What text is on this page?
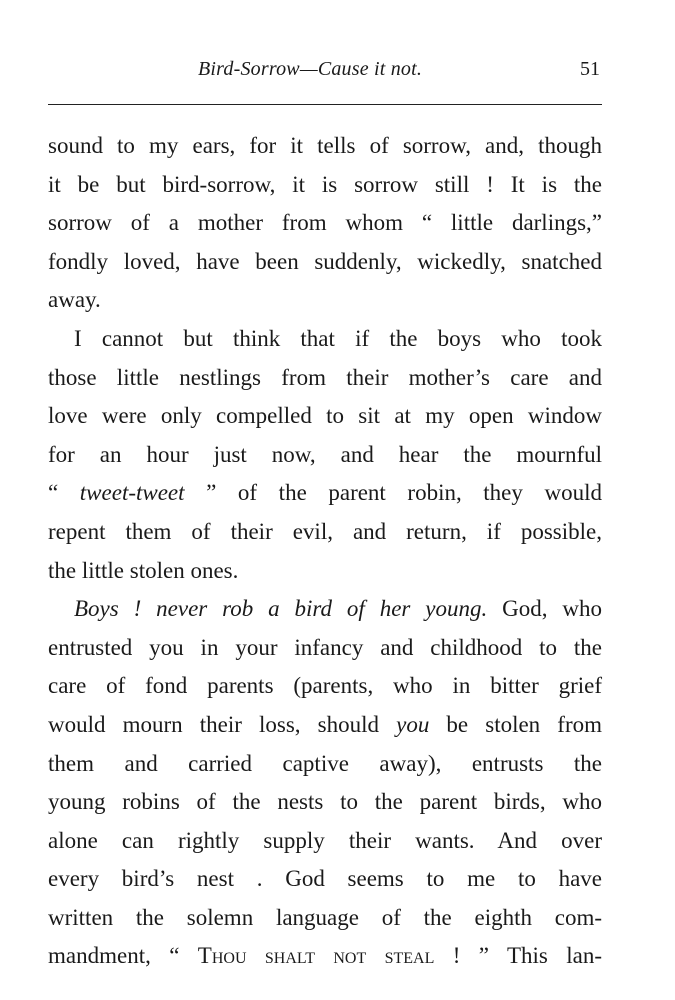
Bird-Sorrow—Cause it not.	51

sound to my ears, for it tells of sorrow, and, though
it be but bird-sorrow, it is sorrow still ! It is the
sorrow of a mother from whom “ little darlings,”
fondly loved, have been suddenly, wickedly, snatched
away.

I cannot but think that if the boys who took
those little nestlings from their mother’s care and
love were only compelled to sit at my open window
for an hour just now, and hear the mournful
“ tweet-tweet ” of the parent robin, they would
repent them of their evil, and return, if possible,
the little stolen ones.

Boys ! never rob a bird of her young. God, who
entrusted you in your infancy and childhood to the
care of fond parents (parents, who in bitter grief
would mourn their loss, should you be stolen from
them and carried captive away), entrusts the
young robins of the nests to the parent birds, who
alone can rightly supply their wants. And over
every bird’s nest . God seems to me to have
written the solemn language of the eighth com-
mandment, “ Thou shalt not steal ! ” This lan-
